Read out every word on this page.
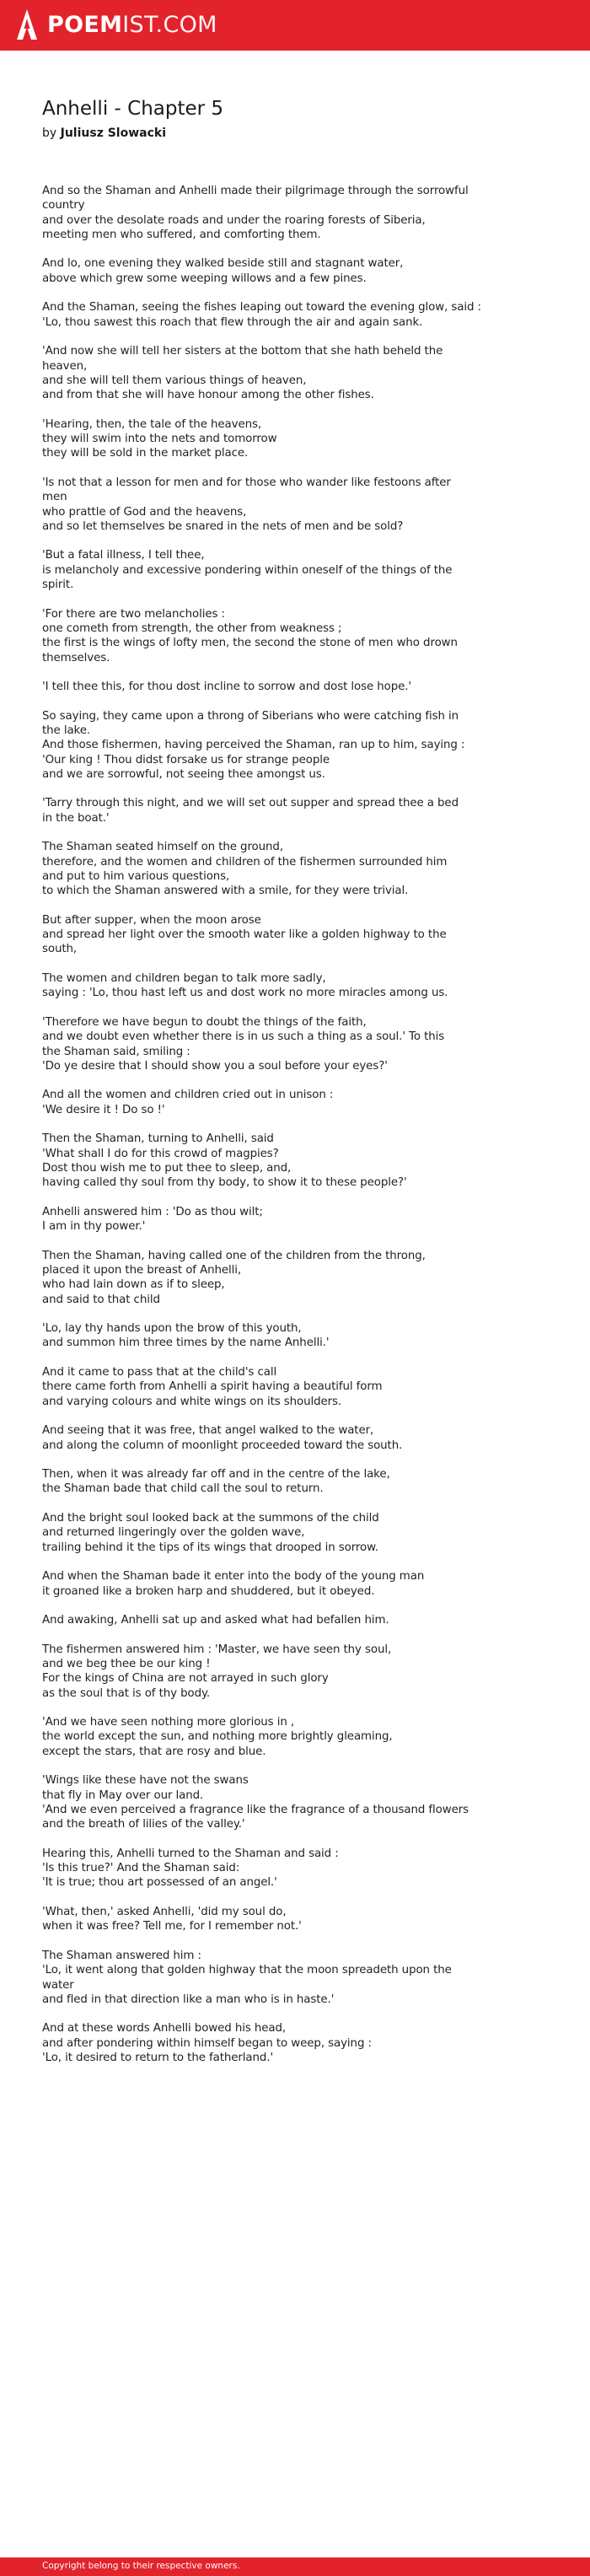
POEMIST.COM
Anhelli - Chapter 5
by Juliusz Slowacki

And so the Shaman and Anhelli made their pilgrimage through the sorrowful
country
and over the desolate roads and under the roaring forests of Siberia,
meeting men who suffered, and comforting them.

And lo, one evening they walked beside still and stagnant water,
above which grew some weeping willows and a few pines.

And the Shaman, seeing the fishes leaping out toward the evening glow, said :
'Lo, thou sawest this roach that flew through the air and again sank.

'And now she will tell her sisters at the bottom that she hath beheld the
heaven,
and she will tell them various things of heaven,
and from that she will have honour among the other fishes.

'Hearing, then, the tale of the heavens,
they will swim into the nets and tomorrow
they will be sold in the market place.

'Is not that a lesson for men and for those who wander like festoons after
men
who prattle of God and the heavens,
and so let themselves be snared in the nets of men and be sold?

'But a fatal illness, I tell thee,
is melancholy and excessive pondering within oneself of the things of the
spirit.

'For there are two melancholies :
one cometh from strength, the other from weakness ;
the first is the wings of lofty men, the second the stone of men who drown
themselves.

'I tell thee this, for thou dost incline to sorrow and dost lose hope.'

So saying, they came upon a throng of Siberians who were catching fish in
the lake.
And those fishermen, having perceived the Shaman, ran up to him, saying :
'Our king ! Thou didst forsake us for strange people
and we are sorrowful, not seeing thee amongst us.

'Tarry through this night, and we will set out supper and spread thee a bed
in the boat.'

The Shaman seated himself on the ground,
therefore, and the women and children of the fishermen surrounded him
and put to him various questions,
to which the Shaman answered with a smile, for they were trivial.

But after supper, when the moon arose
and spread her light over the smooth water like a golden highway to the
south,

The women and children began to talk more sadly,
saying : 'Lo, thou hast left us and dost work no more miracles among us.

'Therefore we have begun to doubt the things of the faith,
and we doubt even whether there is in us such a thing as a soul.' To this
the Shaman said, smiling :
'Do ye desire that I should show you a soul before your eyes?'

And all the women and children cried out in unison :
'We desire it ! Do so !'

Then the Shaman, turning to Anhelli, said
'What shall I do for this crowd of magpies?
Dost thou wish me to put thee to sleep, and,
having called thy soul from thy body, to show it to these people?'

Anhelli answered him : 'Do as thou wilt;
I am in thy power.'

Then the Shaman, having called one of the children from the throng,
placed it upon the breast of Anhelli,
who had lain down as if to sleep,
and said to that child

'Lo, lay thy hands upon the brow of this youth,
and summon him three times by the name Anhelli.'

And it came to pass that at the child's call
there came forth from Anhelli a spirit having a beautiful form
and varying colours and white wings on its shoulders.

And seeing that it was free, that angel walked to the water,
and along the column of moonlight proceeded toward the south.

Then, when it was already far off and in the centre of the lake,
the Shaman bade that child call the soul to return.

And the bright soul looked back at the summons of the child
and returned lingeringly over the golden wave,
trailing behind it the tips of its wings that drooped in sorrow.

And when the Shaman bade it enter into the body of the young man
it groaned like a broken harp and shuddered, but it obeyed.

And awaking, Anhelli sat up and asked what had befallen him.

The fishermen answered him : 'Master, we have seen thy soul,
and we beg thee be our king !
For the kings of China are not arrayed in such glory
as the soul that is of thy body.

'And we have seen nothing more glorious in ,
the world except the sun, and nothing more brightly gleaming,
except the stars, that are rosy and blue.

'Wings like these have not the swans
that fly in May over our land.
'And we even perceived a fragrance like the fragrance of a thousand flowers
and the breath of lilies of the valley.'

Hearing this, Anhelli turned to the Shaman and said :
'Is this true?' And the Shaman said:
'It is true; thou art possessed of an angel.'

'What, then,' asked Anhelli, 'did my soul do,
when it was free? Tell me, for I remember not.'

The Shaman answered him :
'Lo, it went along that golden highway that the moon spreadeth upon the
water
and fled in that direction like a man who is in haste.'

And at these words Anhelli bowed his head,
and after pondering within himself began to weep, saying :
'Lo, it desired to return to the fatherland.'

Copyright belong to their respective owners.
